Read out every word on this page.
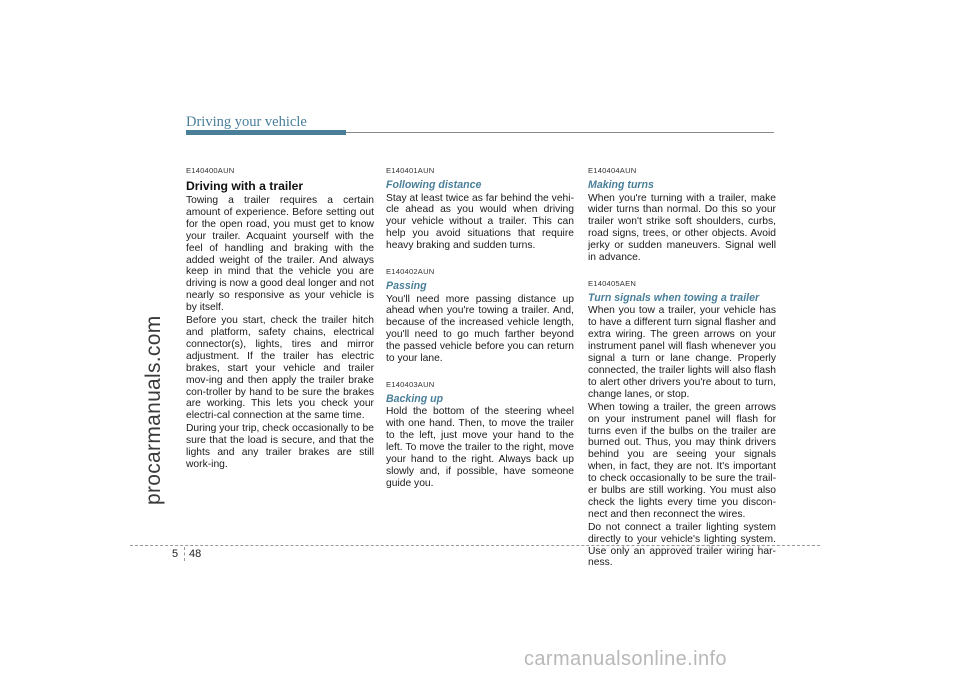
procarmanuals.com
Driving your vehicle

E140400AUN

Driving with a trailer

Towing a trailer requires a certain amount of experience. Before setting out for the open road, you must get to know your trailer. Acquaint yourself with the feel of handling and braking with the added weight of the trailer. And always keep in mind that the vehicle you are driving is now a good deal longer and not nearly so responsive as your vehicle is by itself.

Before you start, check the trailer hitch and platform, safety chains, electrical connector(s), lights, tires and mirror adjustment. If the trailer has electric brakes, start your vehicle and trailer mov-ing and then apply the trailer brake con-troller by hand to be sure the brakes are working. This lets you check your electri-cal connection at the same time.

During your trip, check occasionally to be sure that the load is secure, and that the lights and any trailer brakes are still work-ing.

E140401AUN

Following distance

Stay at least twice as far behind the vehi-cle ahead as you would when driving your vehicle without a trailer. This can help you avoid situations that require heavy braking and sudden turns.

E140402AUN

Passing

You'll need more passing distance up ahead when you're towing a trailer. And, because of the increased vehicle length, you'll need to go much farther beyond the passed vehicle before you can return to your lane.

E140403AUN

Backing up

Hold the bottom of the steering wheel with one hand. Then, to move the trailer to the left, just move your hand to the left. To move the trailer to the right, move your hand to the right. Always back up slowly and, if possible, have someone guide you.

E140404AUN

Making turns

When you're turning with a trailer, make wider turns than normal. Do this so your trailer won't strike soft shoulders, curbs, road signs, trees, or other objects. Avoid jerky or sudden maneuvers. Signal well in advance.

E140405AEN

Turn signals when towing a trailer

When you tow a trailer, your vehicle has to have a different turn signal flasher and extra wiring. The green arrows on your instrument panel will flash whenever you signal a turn or lane change. Properly connected, the trailer lights will also flash to alert other drivers you're about to turn, change lanes, or stop.

When towing a trailer, the green arrows on your instrument panel will flash for turns even if the bulbs on the trailer are burned out. Thus, you may think drivers behind you are seeing your signals when, in fact, they are not. It's important to check occasionally to be sure the trail-er bulbs are still working. You must also check the lights every time you discon-nect and then reconnect the wires.

Do not connect a trailer lighting system directly to your vehicle's lighting system. Use only an approved trailer wiring har-ness.

5 48
carmanualsonline.info
